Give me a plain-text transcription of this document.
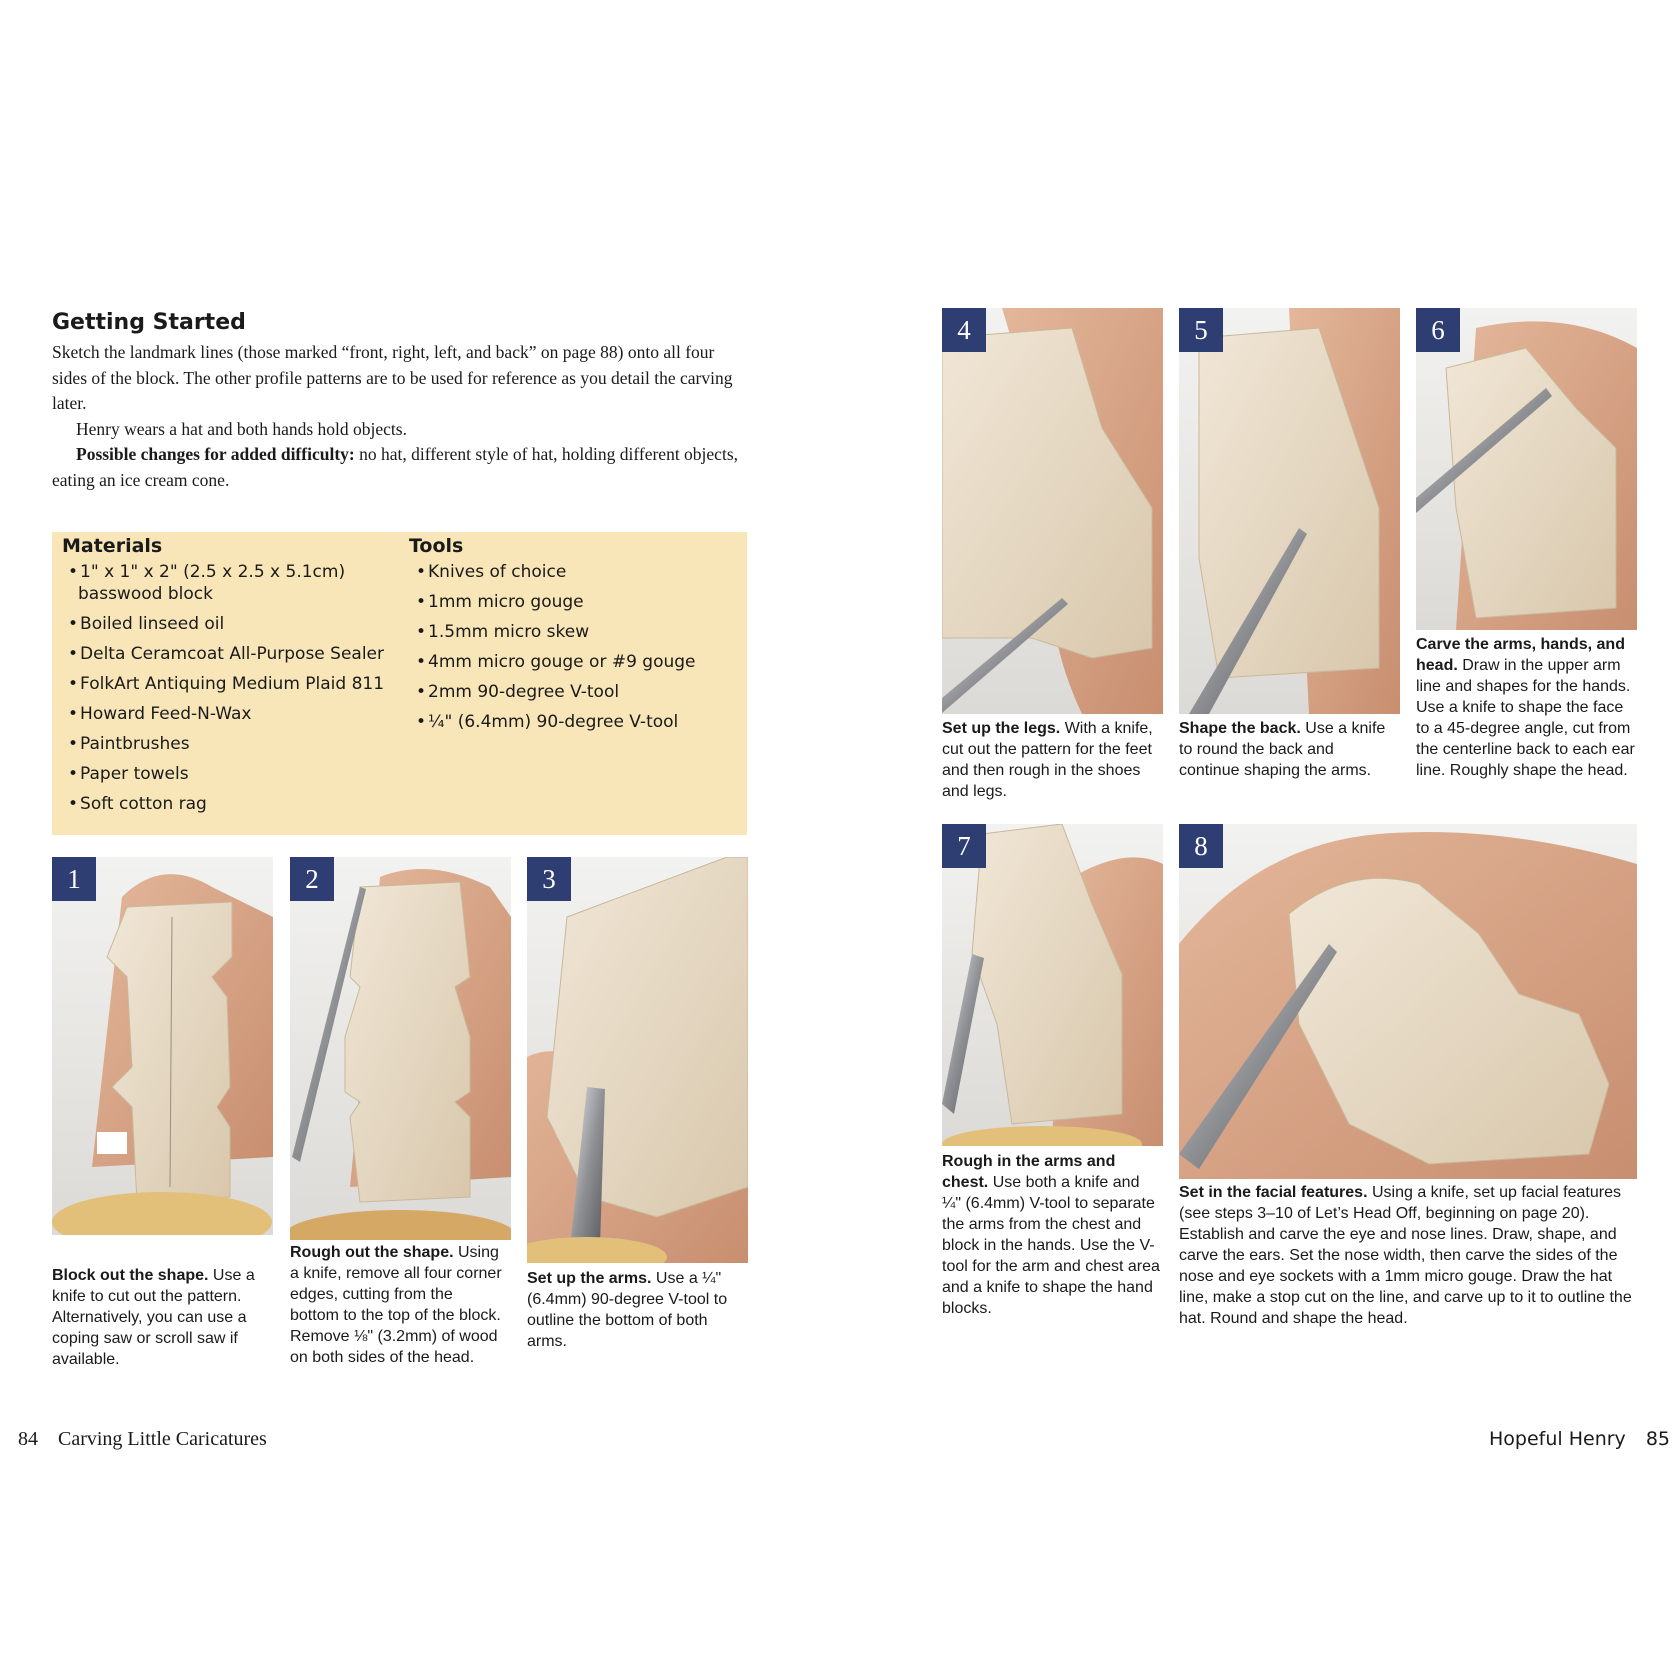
Getting Started

Sketch the landmark lines (those marked “front, right, left, and back” on page 88) onto all four sides of the block. The other profile patterns are to be used for reference as you detail the carving later.

Henry wears a hat and both hands hold objects.

Possible changes for added difficulty: no hat, different style of hat, holding different objects, eating an ice cream cone.

Materials
• 1" x 1" x 2" (2.5 x 2.5 x 5.1cm) basswood block
• Boiled linseed oil
• Delta Ceramcoat All-Purpose Sealer
• FolkArt Antiquing Medium Plaid 811
• Howard Feed-N-Wax
• Paintbrushes
• Paper towels
• Soft cotton rag
Tools
• Knives of choice
• 1mm micro gouge
• 1.5mm micro skew
• 4mm micro gouge or #9 gouge
• 2mm 90-degree V-tool
• ¼" (6.4mm) 90-degree V-tool
1
Block out the shape. Use a knife to cut out the pattern. Alternatively, you can use a coping saw or scroll saw if available.
2
Rough out the shape. Using a knife, remove all four corner edges, cutting from the bottom to the top of the block. Remove ⅛" (3.2mm) of wood on both sides of the head.
3
Set up the arms. Use a ¼" (6.4mm) 90-degree V-tool to outline the bottom of both arms.
4
Set up the legs. With a knife, cut out the pattern for the feet and then rough in the shoes and legs.
5
Shape the back. Use a knife to round the back and continue shaping the arms.
6
Carve the arms, hands, and head. Draw in the upper arm line and shapes for the hands. Use a knife to shape the face to a 45-degree angle, cut from the centerline back to each ear line. Roughly shape the head.
7
Rough in the arms and chest. Use both a knife and ¼" (6.4mm) V-tool to separate the arms from the chest and block in the hands. Use the V-tool for the arm and chest area and a knife to shape the hand blocks.
8
Set in the facial features. Using a knife, set up facial features (see steps 3–10 of Let’s Head Off, beginning on page 20). Establish and carve the eye and nose lines. Draw, shape, and carve the ears. Set the nose width, then carve the sides of the nose and eye sockets with a 1mm micro gouge. Draw the hat line, make a stop cut on the line, and carve up to it to outline the hat. Round and shape the head.
84 Carving Little Caricatures	Hopeful Henry 85
